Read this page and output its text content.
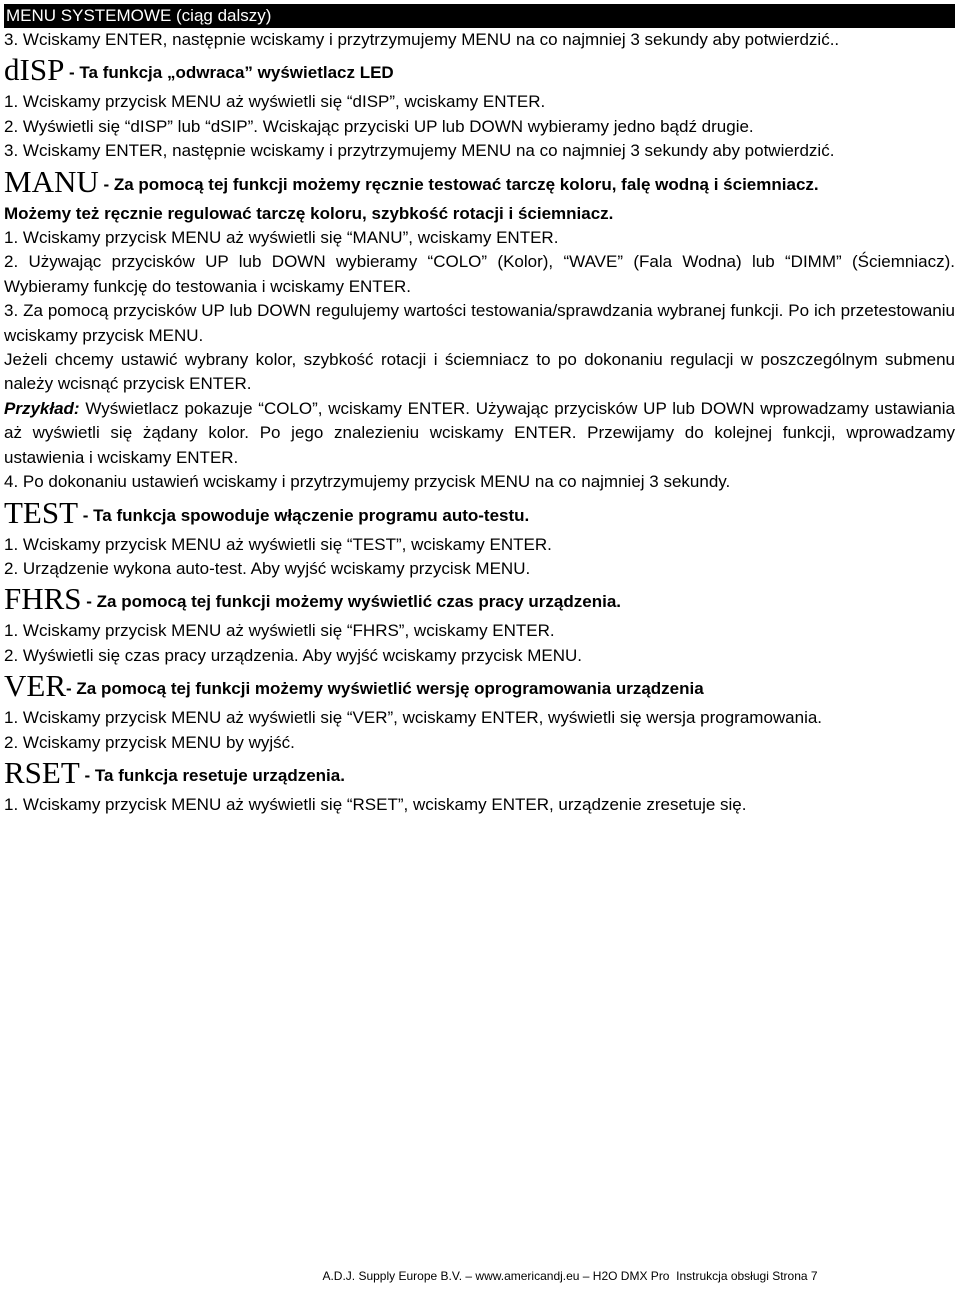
MENU SYSTEMOWE (ciąg dalszy)

3. Wciskamy ENTER, następnie wciskamy i przytrzymujemy MENU na co najmniej 3 sekundy aby potwierdzić..

dISP - Ta funkcja „odwraca” wyświetlacz LED

1. Wciskamy przycisk MENU aż wyświetli się “dISP”, wciskamy ENTER.

2. Wyświetli się “dISP” lub “dSIP”. Wciskając przyciski UP lub DOWN wybieramy jedno bądź drugie.

3. Wciskamy ENTER, następnie wciskamy i przytrzymujemy MENU na co najmniej 3 sekundy aby potwierdzić.

MANU - Za pomocą tej funkcji możemy ręcznie testować tarczę koloru, falę wodną i ściemniacz.

Możemy też ręcznie regulować tarczę koloru, szybkość rotacji i ściemniacz.

1. Wciskamy przycisk MENU aż wyświetli się “MANU”, wciskamy ENTER.

2. Używając przycisków UP lub DOWN wybieramy “COLO” (Kolor), “WAVE” (Fala Wodna) lub “DIMM” (Ściemniacz). Wybieramy funkcję do testowania i wciskamy ENTER.

3. Za pomocą przycisków UP lub DOWN regulujemy wartości testowania/sprawdzania wybranej funkcji. Po ich przetestowaniu wciskamy przycisk MENU.

Jeżeli chcemy ustawić wybrany kolor, szybkość rotacji i ściemniacz to po dokonaniu regulacji w poszczególnym submenu należy wcisnąć przycisk ENTER.

Przykład: Wyświetlacz pokazuje “COLO”, wciskamy ENTER. Używając przycisków UP lub DOWN wprowadzamy ustawiania aż wyświetli się żądany kolor. Po jego znalezieniu wciskamy ENTER. Przewijamy do kolejnej funkcji, wprowadzamy ustawienia i wciskamy ENTER.

4. Po dokonaniu ustawień wciskamy i przytrzymujemy przycisk MENU na co najmniej 3 sekundy.

TEST - Ta funkcja spowoduje włączenie programu auto-testu.

1. Wciskamy przycisk MENU aż wyświetli się “TEST”, wciskamy ENTER.

2. Urządzenie wykona auto-test. Aby wyjść wciskamy przycisk MENU.

FHRS - Za pomocą tej funkcji możemy wyświetlić czas pracy urządzenia.

1. Wciskamy przycisk MENU aż wyświetli się “FHRS”, wciskamy ENTER.

2. Wyświetli się czas pracy urządzenia. Aby wyjść wciskamy przycisk MENU.

VER- Za pomocą tej funkcji możemy wyświetlić wersję oprogramowania urządzenia

1. Wciskamy przycisk MENU aż wyświetli się “VER”, wciskamy ENTER, wyświetli się wersja programowania.

2. Wciskamy przycisk MENU by wyjść.

RSET - Ta funkcja resetuje urządzenia.

1. Wciskamy przycisk MENU aż wyświetli się “RSET”, wciskamy ENTER, urządzenie zresetuje się.

A.D.J. Supply Europe B.V. – www.americandj.eu – H2O DMX Pro  Instrukcja obsługi Strona 7
